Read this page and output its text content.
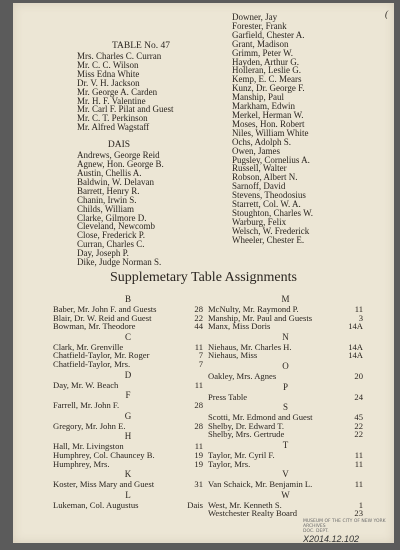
(
TABLE No. 47
Mrs. Charles C. Curran
Mr. C. C. Wilson
Miss Edna White
Dr. V. H. Jackson
Mr. George A. Carden
Mr. H. F. Valentine
Mr. Carl F. Pilat and Guest
Mr. C. T. Perkinson
Mr. Alfred Wagstaff
DAIS
Andrews, George Reid
Agnew, Hon. George B.
Austin, Chellis A.
Baldwin, W. Delavan
Barrett, Henry R.
Chanin, Irwin S.
Childs, William
Clarke, Gilmore D.
Cleveland, Newcomb
Close, Frederick P.
Curran, Charles C.
Day, Joseph P.
Dike, Judge Norman S.
Downer, Jay
Forester, Frank
Garfield, Chester A.
Grant, Madison
Grimm, Peter W.
Hayden, Arthur G.
Holleran, Leslie G.
Kemp, E. C. Mears
Kunz, Dr. George F.
Manship, Paul
Markham, Edwin
Merkel, Herman W.
Moses, Hon. Robert
Niles, William White
Ochs, Adolph S.
Owen, James
Pugsley, Cornelius A.
Russell, Walter
Robson, Albert N.
Sarnoff, David
Stevens, Theodosius
Starrett, Col. W. A.
Stoughton, Charles W.
Warburg, Felix
Welsch, W. Frederick
Wheeler, Chester E.
Supplemetary Table Assignments
B
Baber, Mr. John F. and Guests	28
Blair, Dr. W. Reid and Guest	22
Bowman, Mr. Theodore	44
C
Clark, Mr. Grenville	11
Chatfield-Taylor, Mr. Roger	7
Chatfield-Taylor, Mrs.	7
D
Day, Mr. W. Beach	11
F
Farrell, Mr. John F.	28
G
Gregory, Mr. John E.	28
H
Hall, Mr. Livingston	11
Humphrey, Col. Chauncey B.	19
Humphrey, Mrs.	19
K
Koster, Miss Mary and Guest	31
L
Lukeman, Col. Augustus	Dais
M
McNulty, Mr. Raymond P.	11
Manship, Mr. Paul and Guests	3
Manx, Miss Doris	14A
N
Niehaus, Mr. Charles H.	14A
Niehaus, Miss	14A
O
Oakley, Mrs. Agnes	20
P
Press Table	24
S
Scotti, Mr. Edmond and Guest	45
Shelby, Dr. Edward T.	22
Shelby, Mrs. Gertrude	22
T
Taylor, Mr. Cyril F.	11
Taylor, Mrs.	11
V
Van Schaick, Mr. Benjamin L.	11
W
West, Mr. Kenneth S.	1
Westchester Realty Board	23
MUSEUM OF THE CITY OF NEW YORK
ARCHIVES
DOC. DEPT.
X2014.12.102
